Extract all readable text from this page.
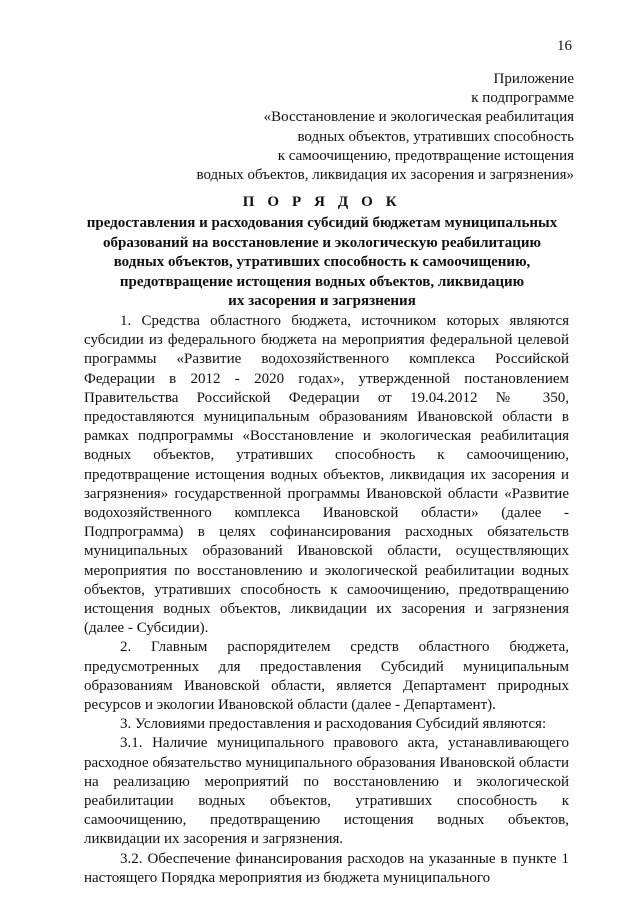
16
Приложение
к подпрограмме
«Восстановление и экологическая реабилитация
водных объектов, утративших способность
к самоочищению, предотвращение истощения
водных объектов, ликвидация их засорения и загрязнения»
П О Р Я Д О К
предоставления и расходования субсидий бюджетам муниципальных
образований на восстановление и экологическую реабилитацию
водных объектов, утративших способность к самоочищению,
предотвращение истощения водных объектов, ликвидацию
их засорения и загрязнения

1. Средства областного бюджета, источником которых являются субсидии из федерального бюджета на мероприятия федеральной целевой программы «Развитие водохозяйственного комплекса Российской Федерации в 2012 - 2020 годах», утвержденной постановлением Правительства Российской Федерации от 19.04.2012 № 350, предоставляются муниципальным образованиям Ивановской области в рамках подпрограммы «Восстановление и экологическая реабилитация водных объектов, утративших способность к самоочищению, предотвращение истощения водных объектов, ликвидация их засорения и загрязнения» государственной программы Ивановской области «Развитие водохозяйственного комплекса Ивановской области» (далее - Подпрограмма) в целях софинансирования расходных обязательств муниципальных образований Ивановской области, осуществляющих мероприятия по восстановлению и экологической реабилитации водных объектов, утративших способность к самоочищению, предотвращению истощения водных объектов, ликвидации их засорения и загрязнения (далее - Субсидии).

2. Главным распорядителем средств областного бюджета, предусмотренных для предоставления Субсидий муниципальным образованиям Ивановской области, является Департамент природных ресурсов и экологии Ивановской области (далее - Департамент).

3. Условиями предоставления и расходования Субсидий являются:

3.1. Наличие муниципального правового акта, устанавливающего расходное обязательство муниципального образования Ивановской области на реализацию мероприятий по восстановлению и экологической реабилитации водных объектов, утративших способность к самоочищению, предотвращению истощения водных объектов, ликвидации их засорения и загрязнения.

3.2. Обеспечение финансирования расходов на указанные в пункте 1 настоящего Порядка мероприятия из бюджета муниципального
